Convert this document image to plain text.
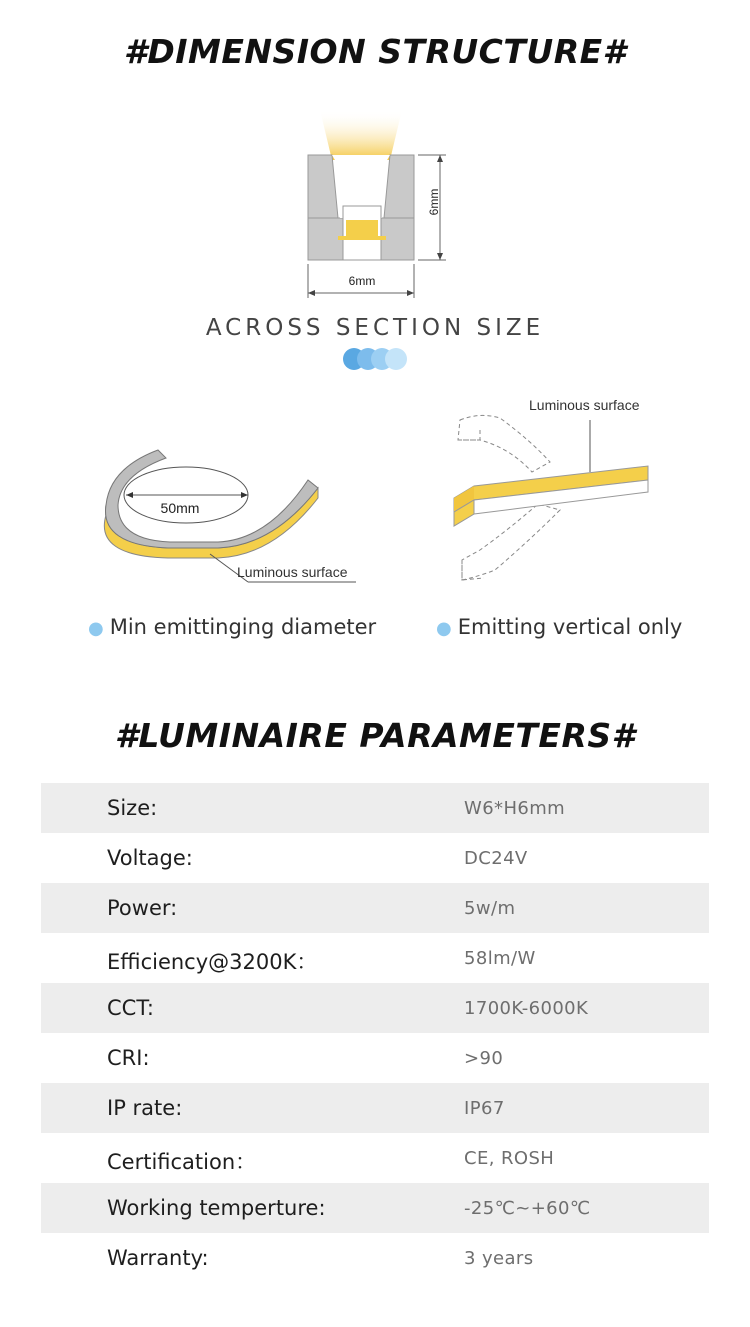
#DIMENSION STRUCTURE#
6mm
6mm
ACROSS SECTION SIZE
50mm
Luminous surface
Luminous surface
● Min emittinging diameter	● Emitting vertical only
#LUMINAIRE PARAMETERS#
Size:	W6*H6mm
Voltage:	DC24V
Power:	5w/m
Efficiency@3200K：	58lm/W
CCT:	1700K-6000K
CRI:	>90
IP rate:	IP67
Certification：	CE, ROSH
Working temperture:	-25℃~+60℃
Warranty:	3 years
